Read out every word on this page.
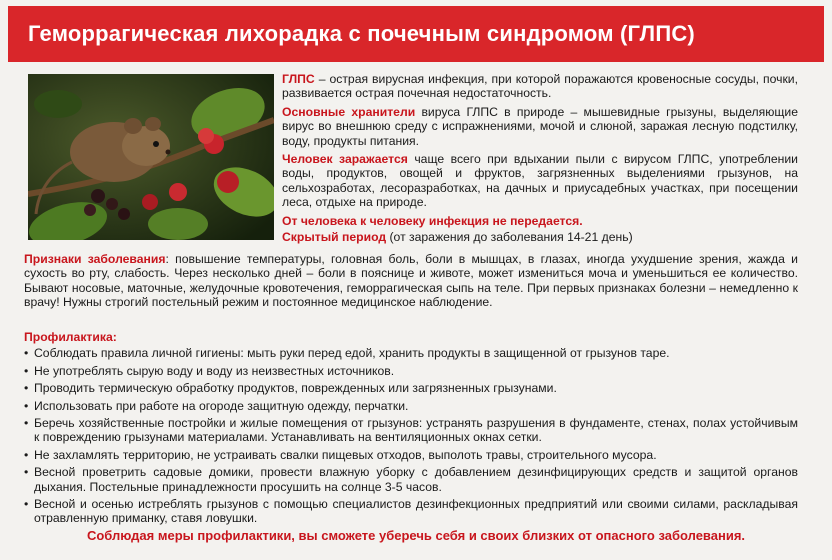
Геморрагическая лихорадка с почечным синдромом (ГЛПС)

ГЛПС – острая вирусная инфекция, при которой поражаются кровеносные сосуды, почки, развивается острая почечная недостаточность.

Основные хранители вируса ГЛПС в природе – мышевидные грызуны, выделяющие вирус во внешнюю среду с испражнениями, мочой и слюной, заражая лесную подстилку, воду, продукты питания.

Человек заражается чаще всего при вдыхании пыли с вирусом ГЛПС, употреблении воды, продуктов, овощей и фруктов, загрязненных выделениями грызунов, на сельхозработах, лесоразработках, на дачных и приусадебных участках, при посещении леса, отдыхе на природе.

От человека к человеку инфекция не передается.

Скрытый период (от заражения до заболевания 14-21 день)

Признаки заболевания: повышение температуры, головная боль, боли в мышцах, в глазах, иногда ухудшение зрения, жажда и сухость во рту, слабость. Через несколько дней – боли в пояснице и животе, может измениться моча и уменьшиться ее количество. Бывают носовые, маточные, желудочные кровотечения, геморрагическая сыпь на теле. При первых признаках болезни – немедленно к врачу! Нужны строгий постельный режим и постоянное медицинское наблюдение.
Профилактика:
• Соблюдать правила личной гигиены: мыть руки перед едой, хранить продукты в защищенной от грызунов таре.
• Не употреблять сырую воду и воду из неизвестных источников.
• Проводить термическую обработку продуктов, поврежденных или загрязненных грызунами.
• Использовать при работе на огороде защитную одежду, перчатки.
• Беречь хозяйственные постройки и жилые помещения от грызунов: устранять разрушения в фундаменте, стенах, полах устойчивым к повреждению грызунами материалами. Устанавливать на вентиляционных окнах сетки.
• Не захламлять территорию, не устраивать свалки пищевых отходов, выполоть травы, строительного мусора.
• Весной проветрить садовые домики, провести влажную уборку с добавлением дезинфицирующих средств и защитой органов дыхания. Постельные принадлежности просушить на солнце 3-5 часов.
• Весной и осенью истреблять грызунов с помощью специалистов дезинфекционных предприятий или своими силами, раскладывая отравленную приманку, ставя ловушки.
Соблюдая меры профилактики, вы сможете уберечь себя и своих близких от опасного заболевания.
